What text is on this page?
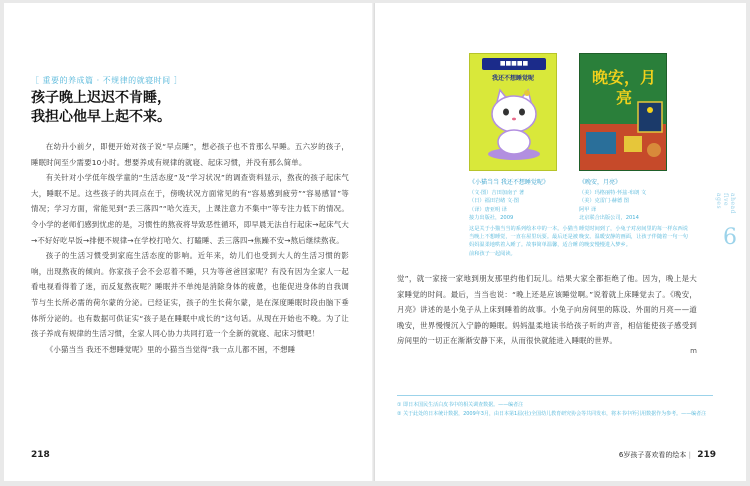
［ 重要的养成篇 · 不规律的就寝时间 ］
孩子晚上迟迟不肯睡，
我担心他早上起不来。

在幼升小前夕，即便开始对孩子说“早点睡”，想必孩子也不肯那么早睡。五六岁的孩子，睡眠时间至少需要10小时。想要养成有规律的就寝、起床习惯，并没有那么简单。

有关针对小学低年级学童的“生活态度”及“学习状况”的调查资料显示，熬夜的孩子起床气大，睡眠不足。这些孩子的共同点在于，傍晚状况方面常见的有“容易感到疲劳”“容易感冒”等情况；学习方面，常能见到“丢三落四”“哈欠连天，上课注意力不集中”等专注力低下的情况。令小学的老师们感到忧虑的是，习惯性的熬夜将导致恶性循环，即早晨无法自行起床→起床气大→不好好吃早饭→排便不规律→在学校打哈欠、打瞌睡、丢三落四→焦躁不安→熬后继续熬夜。

孩子的生活习惯受到家庭生活态度的影响。近年来，幼儿们也受到大人的生活习惯的影响，出现熬夜的倾向。你家孩子会不会忍着不睡，只为等爸爸回家呢？有没有因为全家人一起看电视看得着了迷，而反复熬夜呢？睡眠并不单纯是消除身体的疲惫，也能促进身体的自我调节与生长所必需的荷尔蒙的分泌。已经证实，孩子的生长荷尔蒙，是在深度睡眠时段由脑下垂体所分泌的。也有数据可供证实“孩子是在睡眠中成长的”这句话。从现在开始也不晚。为了让孩子养成有规律的生活习惯，全家人同心协力共同打造一个全新的就寝、起床习惯吧！

《小猫当当 我还不想睡觉呢》里的小猫当当觉得“我一点儿都不困，不想睡

218
■■■■■
我还不想睡觉呢	晚安，月亮
《小猫当当 我还不想睡觉呢》
（文·图）吉田加南子 著
（日）福田岩绪 文·图
（译）唐亚明 译
接力出版社，2009
这是关于小猫当当的系列绘本中的一本。小猫当当晚上不想睡觉，一直在屋里玩耍。最后还是被妈妈温柔地哄着入睡了。故事简单温馨，适合睡前和孩子一起阅读。
《晚安，月亮》
（美）玛格丽特·怀兹·布朗 文
（美）克雷门·赫德 图
阿甲 译
北京联合出版公司，2014
睡觉时间到了，小兔子对房间里的每一样东西说晚安。温暖安静的画面，让孩子伴随着一句一句的晚安慢慢进入梦乡。
ahead five ages
6

觉”，就一家接一家地到朋友那里约他们玩儿。结果大家全都拒绝了他。因为，晚上是大家睡觉的时间。最后，当当也说：“晚上还是应该睡觉啊。”说着就上床睡觉去了。《晚安，月亮》讲述的是小兔子从上床到睡着的故事。小兔子向房间里的陈设、外面的月亮——道晚安，世界慢慢沉入宁静的睡眠。妈妈温柔地读书给孩子听的声音，相信能使孩子感受到房间里的一切正在渐渐安静下来，从而很快就能进入睡眠的世界。

m
① 即日本国民生活白皮书中的相关调查数据。——编者注
② 关于此处的日本统计数据，2009年3月，由日本第1届(社)全国幼儿教育研究协会等共同发布，将本书中所引用数据作为参考。——编者注
6岁孩子喜欢看的绘本 | 219
